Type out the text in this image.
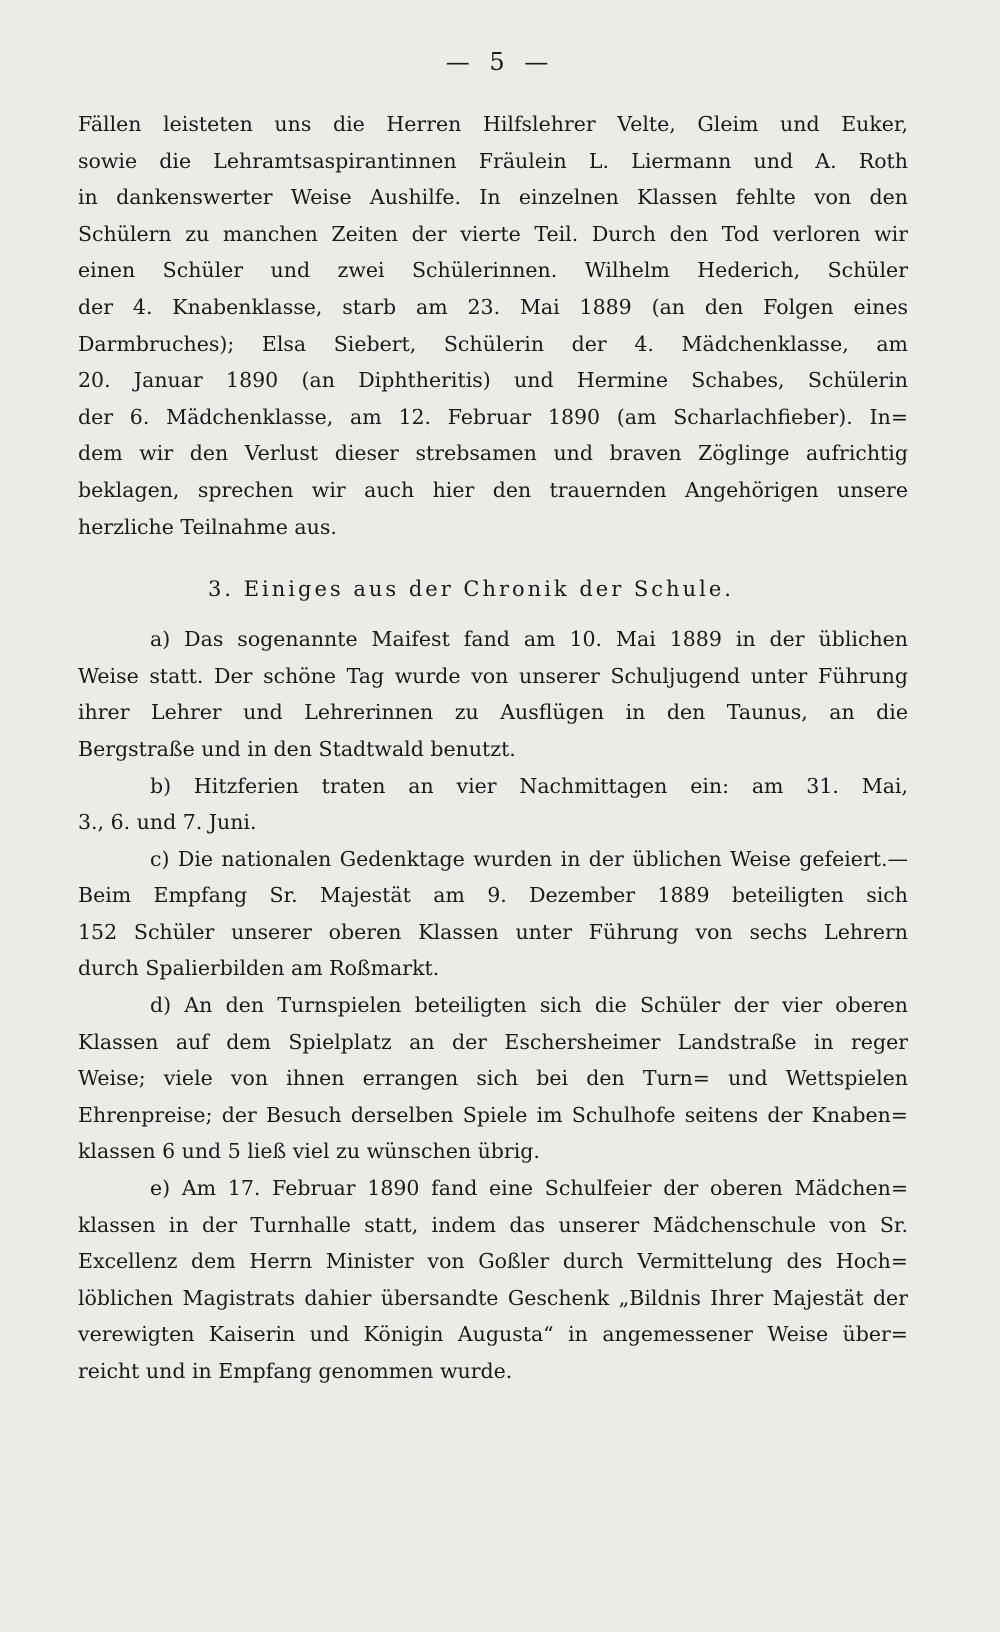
— 5 —
Fällen leisteten uns die Herren Hilfslehrer Velte, Gleim und Euker,
sowie die Lehramtsaspirantinnen Fräulein L. Liermann und A. Roth
in dankenswerter Weise Aushilfe. In einzelnen Klassen fehlte von den
Schülern zu manchen Zeiten der vierte Teil. Durch den Tod verloren wir
einen Schüler und zwei Schülerinnen. Wilhelm Hederich, Schüler
der 4. Knabenklasse, starb am 23. Mai 1889 (an den Folgen eines
Darmbruches); Elsa Siebert, Schülerin der 4. Mädchenklasse, am
20. Januar 1890 (an Diphtheritis) und Hermine Schabes, Schülerin
der 6. Mädchenklasse, am 12. Februar 1890 (am Scharlachfieber). In=
dem wir den Verlust dieser strebsamen und braven Zöglinge aufrichtig
beklagen, sprechen wir auch hier den trauernden Angehörigen unsere
herzliche Teilnahme aus.
3. Einiges aus der Chronik der Schule.
a) Das sogenannte Maifest fand am 10. Mai 1889 in der üblichen
Weise statt. Der schöne Tag wurde von unserer Schuljugend unter Führung
ihrer Lehrer und Lehrerinnen zu Ausflügen in den Taunus, an die
Bergstraße und in den Stadtwald benutzt.
b) Hitzferien traten an vier Nachmittagen ein: am 31. Mai,
3., 6. und 7. Juni.
c) Die nationalen Gedenktage wurden in der üblichen Weise gefeiert.—
Beim Empfang Sr. Majestät am 9. Dezember 1889 beteiligten sich
152 Schüler unserer oberen Klassen unter Führung von sechs Lehrern
durch Spalierbilden am Roßmarkt.
d) An den Turnspielen beteiligten sich die Schüler der vier oberen
Klassen auf dem Spielplatz an der Eschersheimer Landstraße in reger
Weise; viele von ihnen errangen sich bei den Turn= und Wettspielen
Ehrenpreise; der Besuch derselben Spiele im Schulhofe seitens der Knaben=
klassen 6 und 5 ließ viel zu wünschen übrig.
e) Am 17. Februar 1890 fand eine Schulfeier der oberen Mädchen=
klassen in der Turnhalle statt, indem das unserer Mädchenschule von Sr.
Excellenz dem Herrn Minister von Goßler durch Vermittelung des Hoch=
löblichen Magistrats dahier übersandte Geschenk „Bildnis Ihrer Majestät der
verewigten Kaiserin und Königin Augusta“ in angemessener Weise über=
reicht und in Empfang genommen wurde.
